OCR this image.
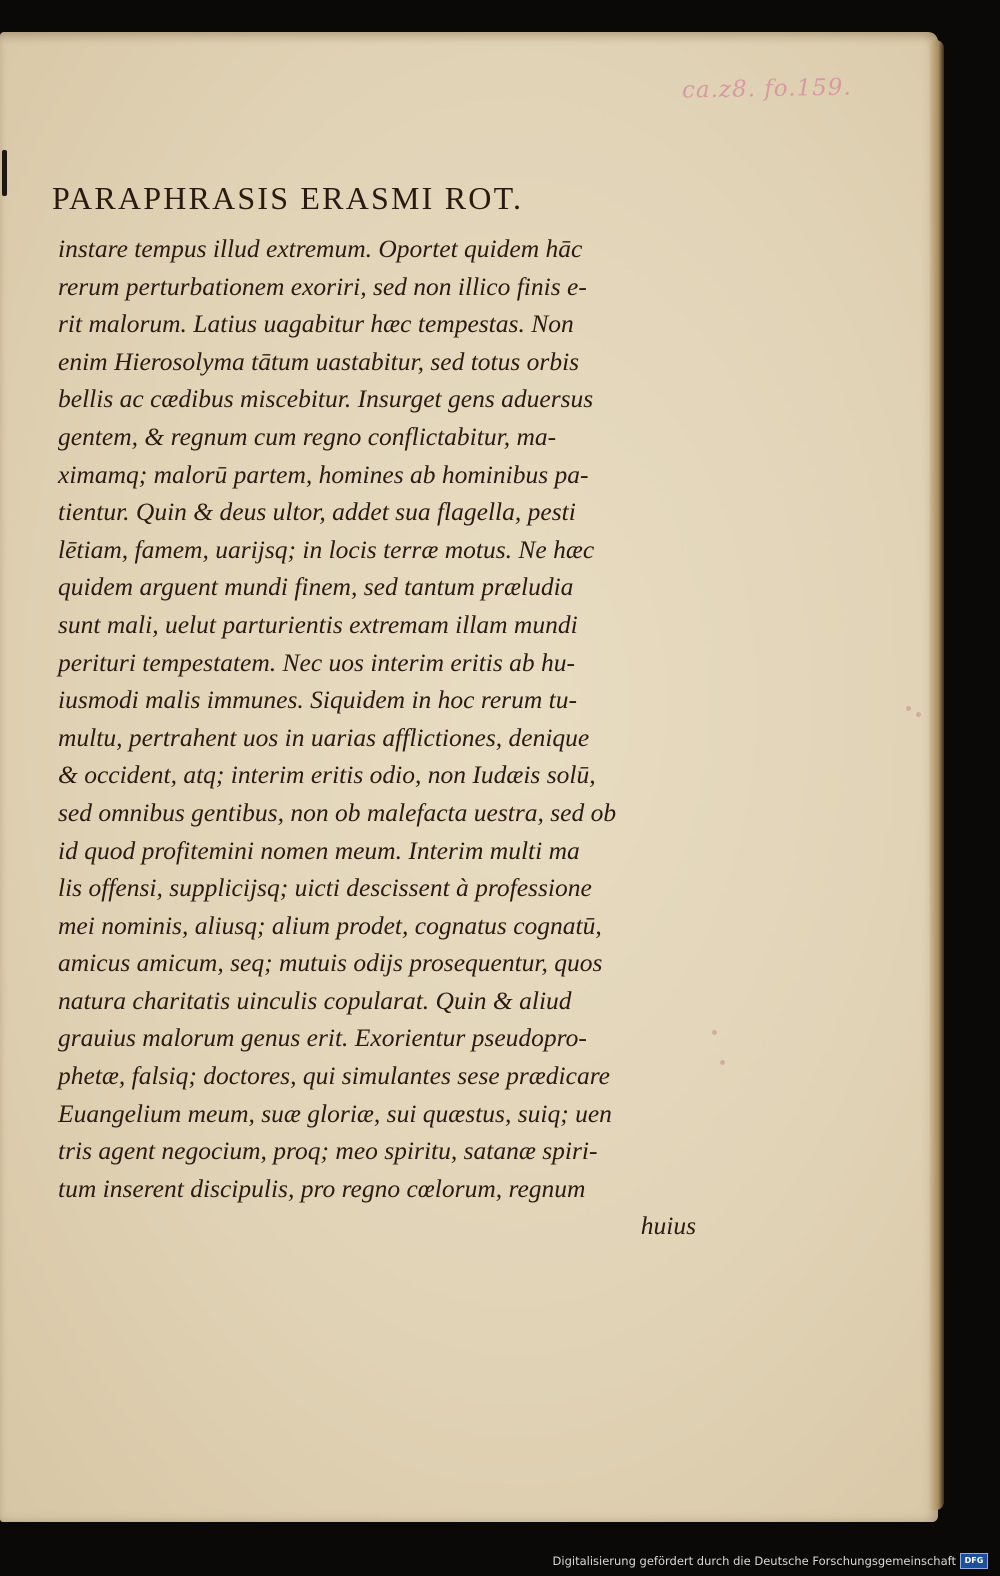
ca.z8. fo.159.
PARAPHRASIS ERASMI ROT.
instare tempus illud extremum. Oportet quidem hāc
rerum perturbationem exoriri, sed non illico finis e-
rit malorum. Latius uagabitur hæc tempestas. Non
enim Hierosolyma tātum uastabitur, sed totus orbis
bellis ac cædibus miscebitur. Insurget gens aduersus
gentem, & regnum cum regno conflictabitur, ma-
ximamq; malorū partem, homines ab hominibus pa-
tientur. Quin & deus ultor, addet sua flagella, pesti
lētiam, famem, uarijsq; in locis terræ motus. Ne hæc
quidem arguent mundi finem, sed tantum præludia
sunt mali, uelut parturientis extremam illam mundi
perituri tempestatem. Nec uos interim eritis ab hu-
iusmodi malis immunes. Siquidem in hoc rerum tu-
multu, pertrahent uos in uarias afflictiones, denique
& occident, atq; interim eritis odio, non Iudæis solū,
sed omnibus gentibus, non ob malefacta uestra, sed ob
id quod profitemini nomen meum. Interim multi ma
lis offensi, supplicijsq; uicti descissent à professione
mei nominis, aliusq; alium prodet, cognatus cognatū,
amicus amicum, seq; mutuis odijs prosequentur, quos
natura charitatis uinculis copularat. Quin & aliud
grauius malorum genus erit. Exorientur pseudopro-
phetæ, falsiq; doctores, qui simulantes sese prædicare
Euangelium meum, suæ gloriæ, sui quæstus, suiq; uen
tris agent negocium, proq; meo spiritu, satanæ spiri-
tum inserent discipulis, pro regno cœlorum, regnum
huius
Digitalisierung gefördert durch die Deutsche Forschungsgemeinschaft	DFG
